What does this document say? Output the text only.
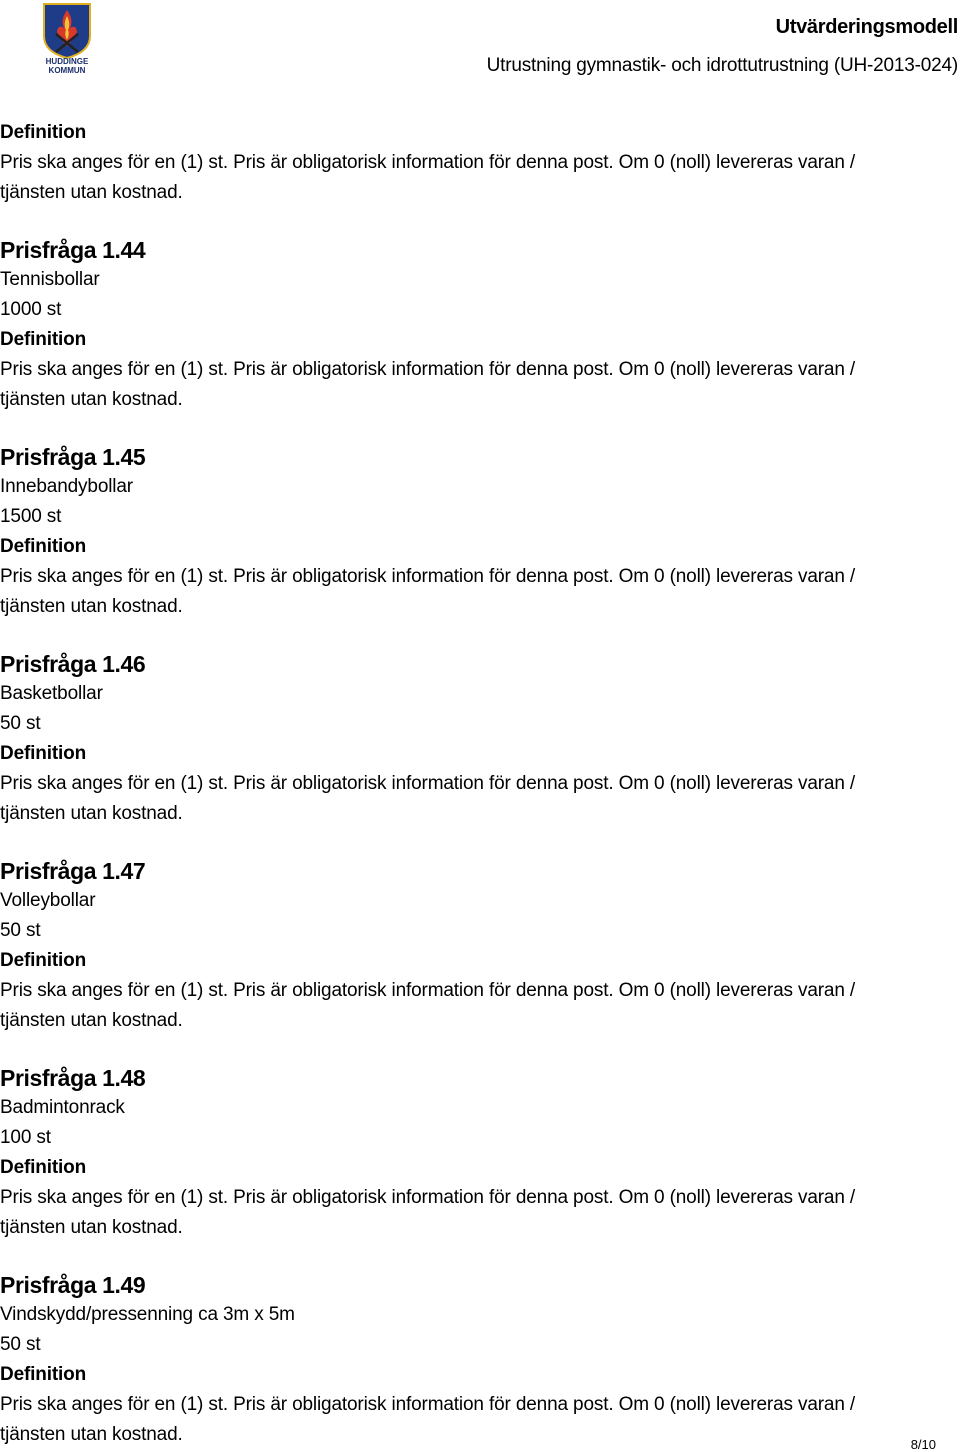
HUDDINGE
KOMMUN
Utvärderingsmodell
Utrustning gymnastik- och idrottutrustning (UH-2013-024)
Definition
Pris ska anges för en (1) st. Pris är obligatorisk information för denna post. Om 0 (noll) levereras varan /
tjänsten utan kostnad.
Prisfråga 1.44
Tennisbollar
1000 st
Definition
Pris ska anges för en (1) st. Pris är obligatorisk information för denna post. Om 0 (noll) levereras varan /
tjänsten utan kostnad.
Prisfråga 1.45
Innebandybollar
1500 st
Definition
Pris ska anges för en (1) st. Pris är obligatorisk information för denna post. Om 0 (noll) levereras varan /
tjänsten utan kostnad.
Prisfråga 1.46
Basketbollar
50 st
Definition
Pris ska anges för en (1) st. Pris är obligatorisk information för denna post. Om 0 (noll) levereras varan /
tjänsten utan kostnad.
Prisfråga 1.47
Volleybollar
50 st
Definition
Pris ska anges för en (1) st. Pris är obligatorisk information för denna post. Om 0 (noll) levereras varan /
tjänsten utan kostnad.
Prisfråga 1.48
Badmintonrack
100 st
Definition
Pris ska anges för en (1) st. Pris är obligatorisk information för denna post. Om 0 (noll) levereras varan /
tjänsten utan kostnad.
Prisfråga 1.49
Vindskydd/pressenning ca 3m x 5m
50 st
Definition
Pris ska anges för en (1) st. Pris är obligatorisk information för denna post. Om 0 (noll) levereras varan /
tjänsten utan kostnad.	8/10
